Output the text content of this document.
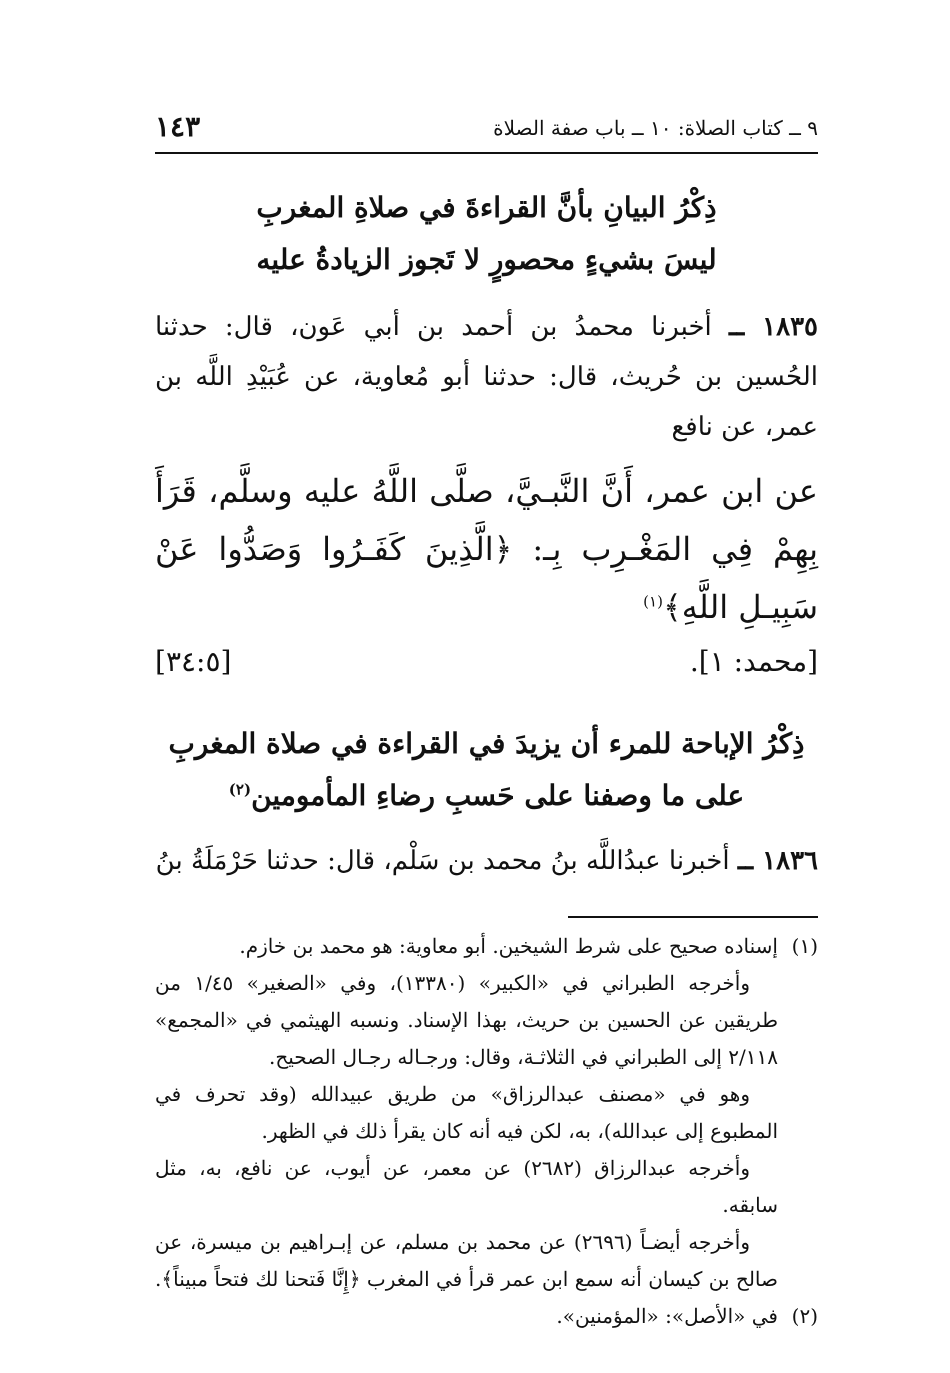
٩ ــ كتاب الصلاة: ١٠ ــ باب صفة الصلاة
١٤٣
ذِكْرُ البيانِ بأنَّ القراءةَ في صلاةِ المغربِ
ليسَ بشيءٍ محصورٍ لا تَجوز الزيادةُ عليه

١٨٣٥ ــ أخبرنا محمدُ بن أحمد بن أبي عَون، قال: حدثنا الحُسين بن حُريث، قال: حدثنا أبو مُعاوية، عن عُبَيْدِ اللَّه بن عمر، عن نافع

عن ابن عمر، أَنَّ النَّبـيَّ، صلَّى اللَّهُ عليه وسلَّم، قَرَأَ بِهِمْ فِي المَغْـرِب بِـ: ﴿الَّذِينَ كَفَـرُوا وَصَدُّوا عَنْ سَبِيـلِ اللَّهِ﴾$^{(١)}$

[محمد: ١].
[٣٤:٥]
ذِكْرُ الإباحة للمرء أن يزيدَ في القراءة في صلاة المغربِ
على ما وصفنا على حَسبِ رضاءِ المأمومين$^{(٢)}$

١٨٣٦ ــ أخبرنا عبدُاللَّه بنُ محمد بن سَلْم، قال: حدثنا حَرْمَلَةُ بنُ

(١)
إسناده صحيح على شرط الشيخين. أبو معاوية: هو محمد بن خازم.
وأخرجه الطبراني في «الكبير» (١٣٣٨٠)، وفي «الصغير» ١/٤٥ من طريقين عن الحسين بن حريث، بهذا الإسناد. ونسبه الهيثمي في «المجمع» ٢/١١٨ إلى الطبراني في الثلاثـة، وقال: ورجـاله رجـال الصحيح.
وهو في «مصنف عبدالرزاق» من طريق عبيدالله (وقد تحرف في المطبوع إلى عبدالله)، به، لكن فيه أنه كان يقرأ ذلك في الظهر.
وأخرجه عبدالرزاق (٢٦٨٢) عن معمر، عن أيوب، عن نافع، به، مثل سابقه.
وأخرجه أيضـاً (٢٦٩٦) عن محمد بن مسلم، عن إبـراهيم بن ميسرة، عن صالح بن كيسان أنه سمع ابن عمر قرأ في المغرب ﴿إِنَّا فَتحنا لك فتحاً مبيناً﴾.
(٢)
في «الأصل»: «المؤمنين».
